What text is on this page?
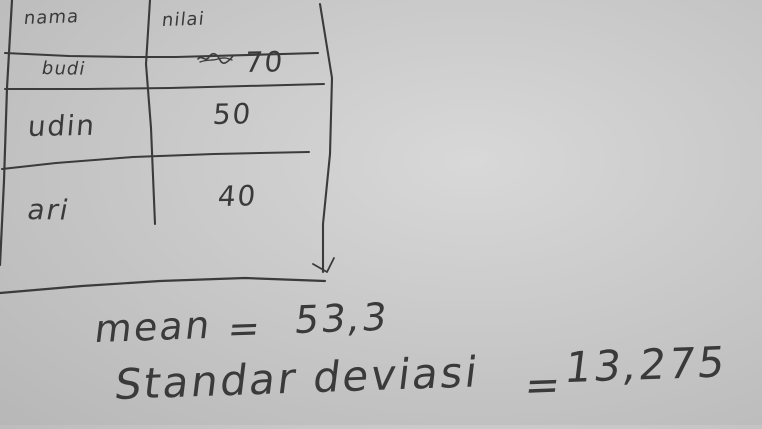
nama	nilai
budi	70
udin	50
ari	40
mean = 53,3
Standar deviasi =
13,275
